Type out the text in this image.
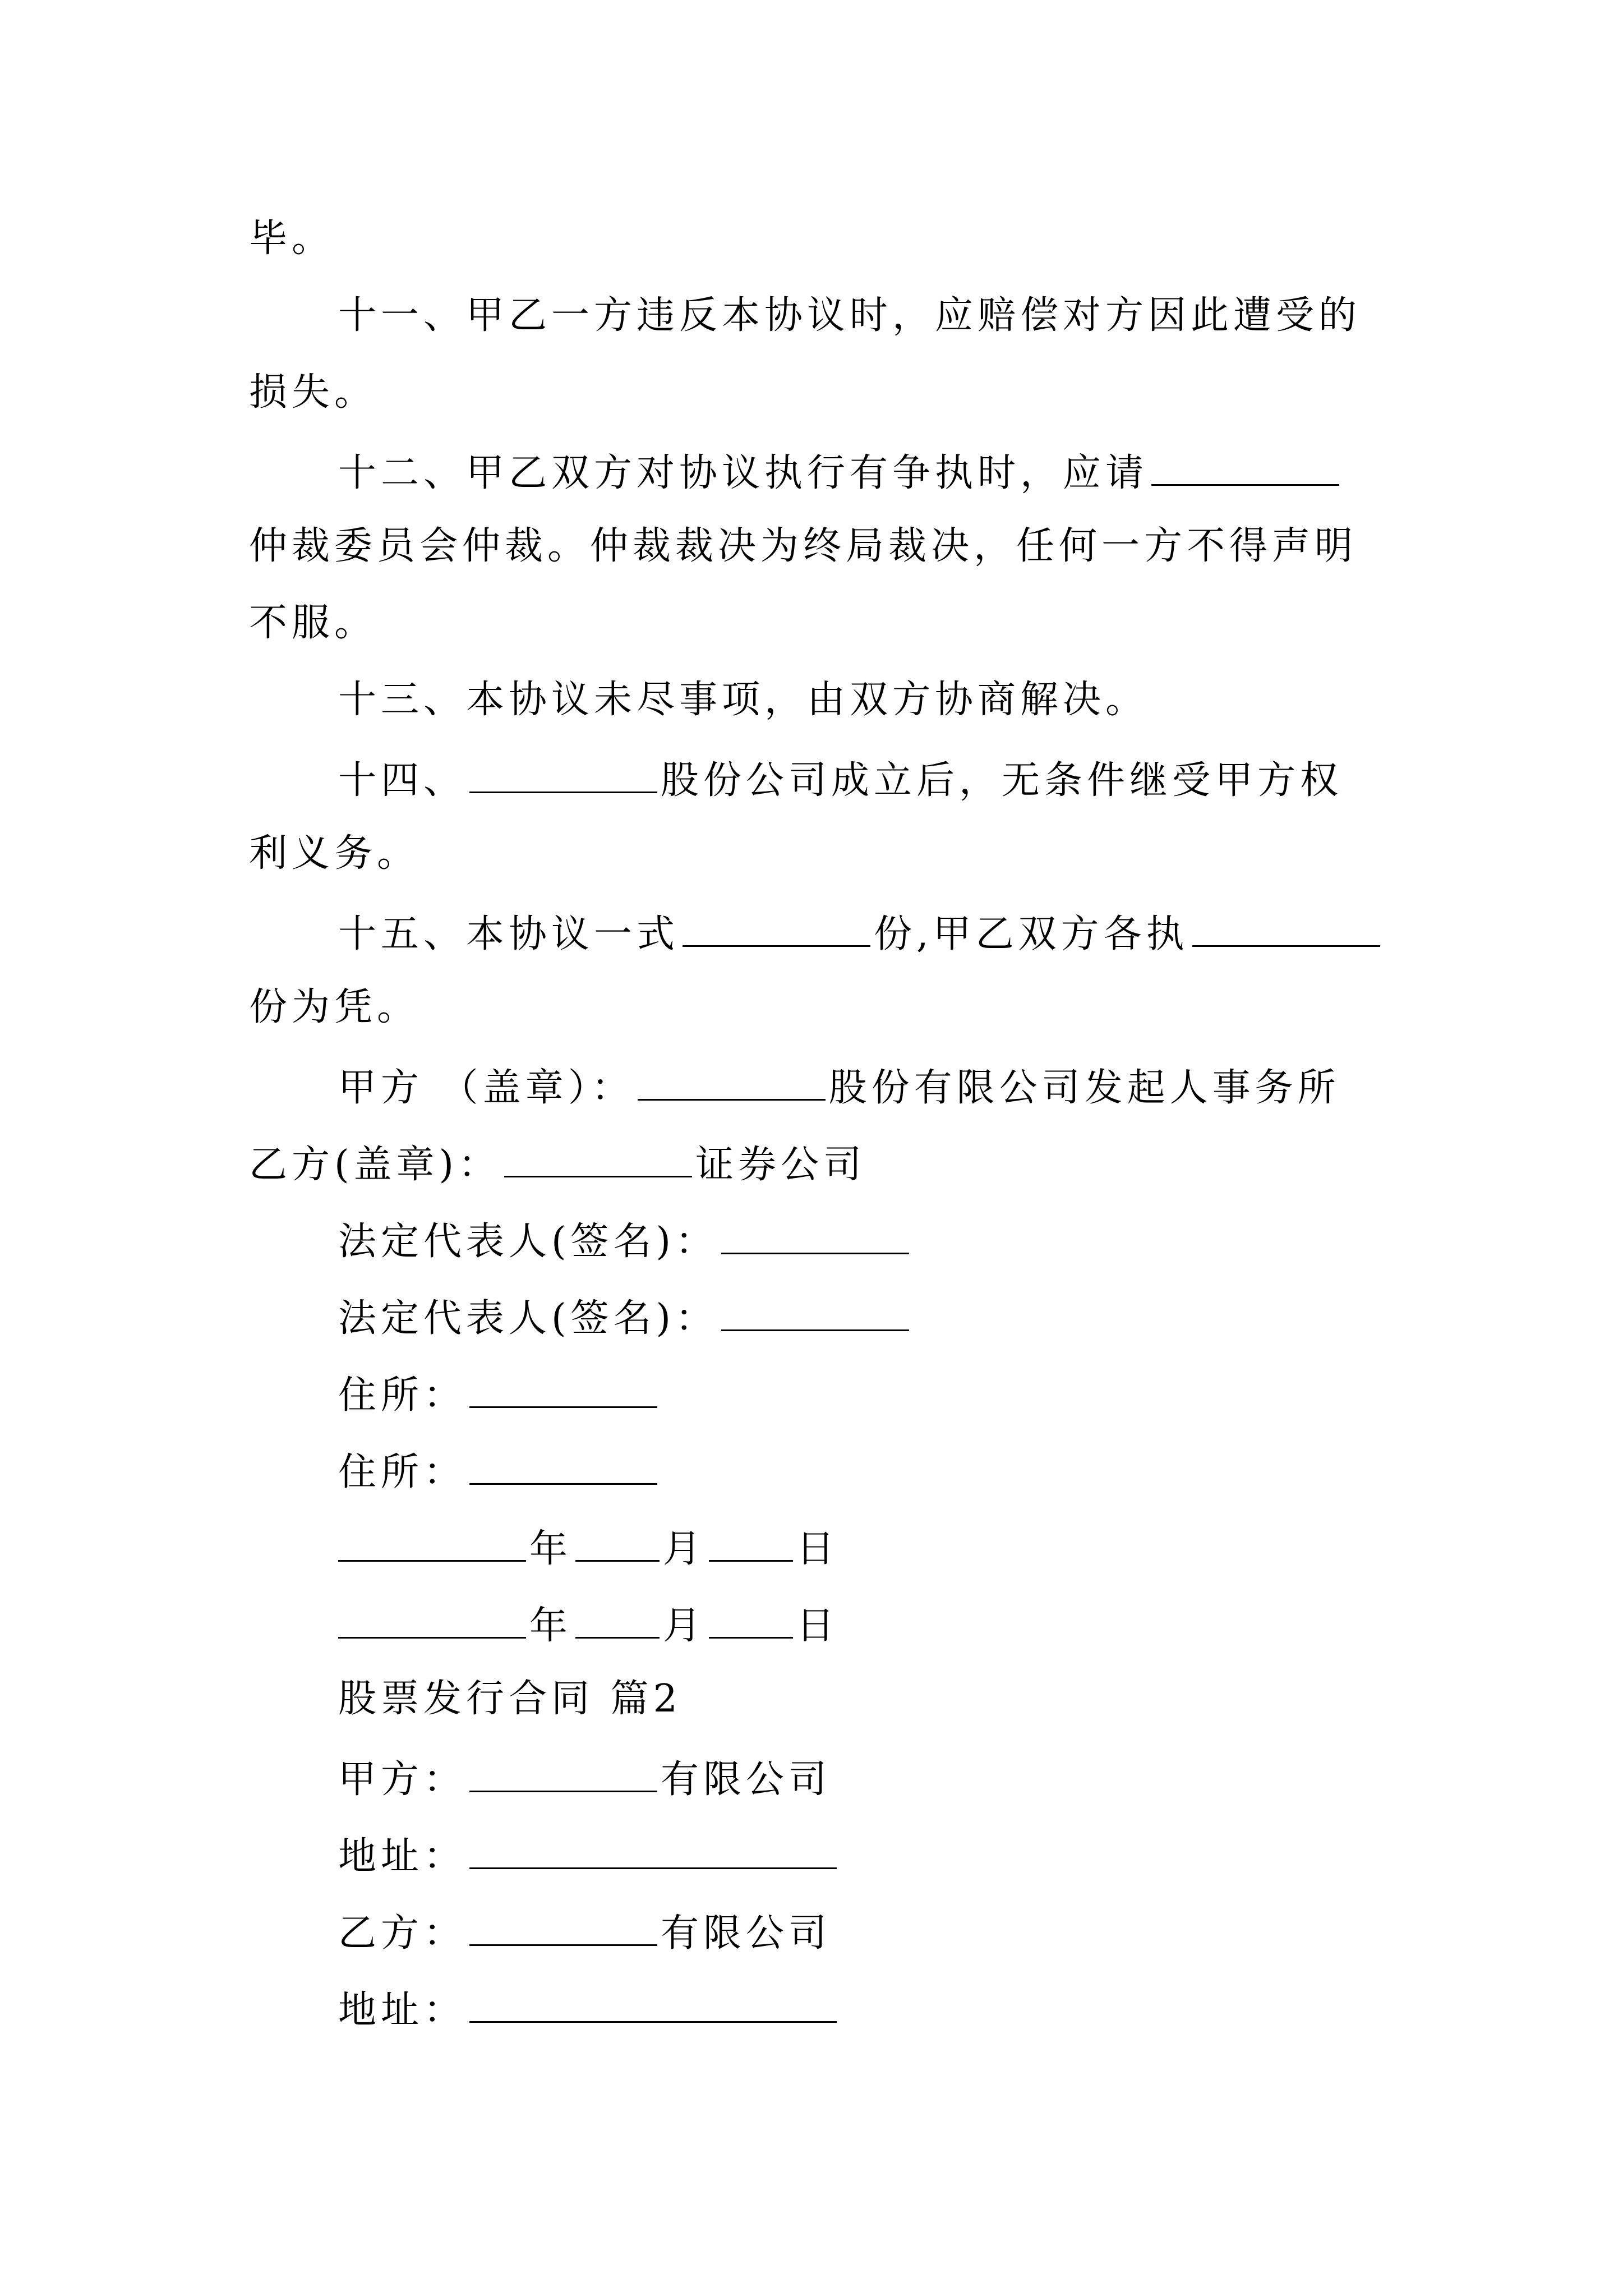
毕。
十一、甲乙一方违反本协议时，应赔偿对方因此遭受的
损失。
十二、甲乙双方对协议执行有争执时，应请
仲裁委员会仲裁。仲裁裁决为终局裁决，任何一方不得声明
不服。
十三、本协议未尽事项，由双方协商解决。
十四、	股份公司成立后，无条件继受甲方权
利义务。
十五、本协议一式	份,甲乙双方各执
份为凭。
甲方 （盖章）：	股份有限公司发起人事务所
乙方(盖章)：	证券公司
法定代表人(签名)：
法定代表人(签名)：
住所：
住所：
年 月 日
年 月 日
股票发行合同 篇2
甲方：	有限公司
地址：
乙方：	有限公司
地址：
